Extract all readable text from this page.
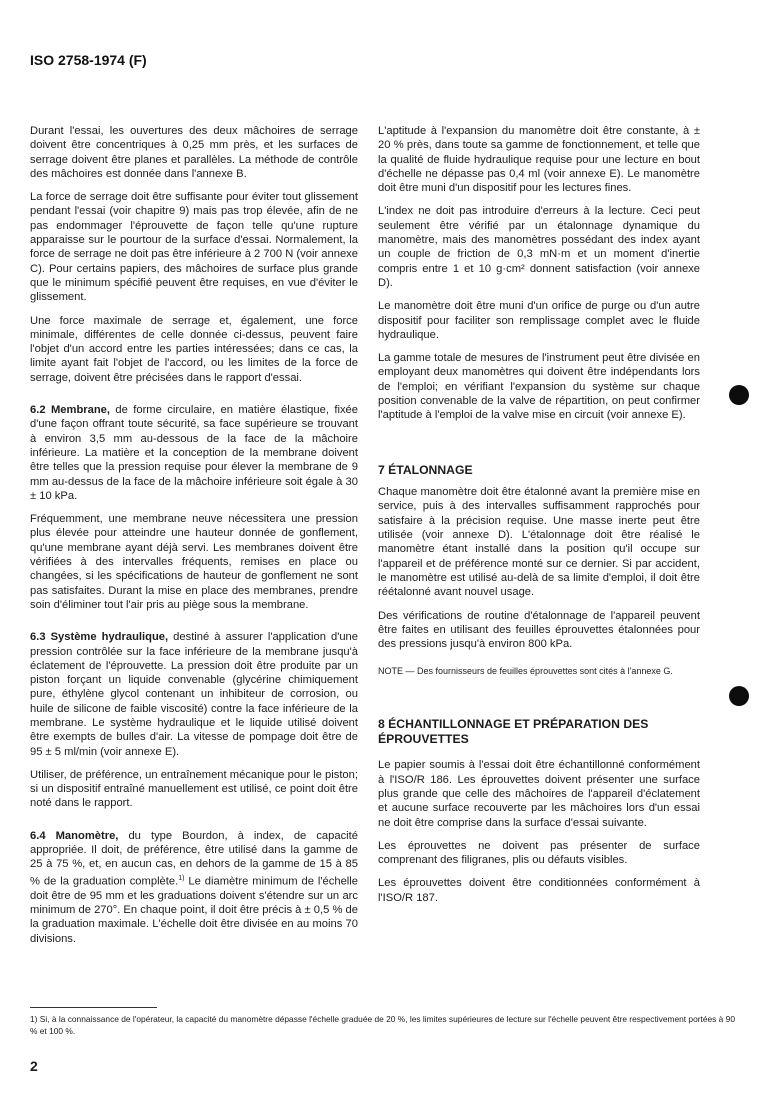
ISO 2758-1974 (F)

Durant l'essai, les ouvertures des deux mâchoires de serrage doivent être concentriques à 0,25 mm près, et les surfaces de serrage doivent être planes et parallèles. La méthode de contrôle des mâchoires est donnée dans l'annexe B.

La force de serrage doit être suffisante pour éviter tout glissement pendant l'essai (voir chapitre 9) mais pas trop élevée, afin de ne pas endommager l'éprouvette de façon telle qu'une rupture apparaisse sur le pourtour de la surface d'essai. Normalement, la force de serrage ne doit pas être inférieure à 2 700 N (voir annexe C). Pour certains papiers, des mâchoires de surface plus grande que le minimum spécifié peuvent être requises, en vue d'éviter le glissement.

Une force maximale de serrage et, également, une force minimale, différentes de celle donnée ci-dessus, peuvent faire l'objet d'un accord entre les parties intéressées; dans ce cas, la limite ayant fait l'objet de l'accord, ou les limites de la force de serrage, doivent être précisées dans le rapport d'essai.

6.2 Membrane, de forme circulaire, en matière élastique, fixée d'une façon offrant toute sécurité, sa face supérieure se trouvant à environ 3,5 mm au-dessous de la face de la mâchoire inférieure. La matière et la conception de la membrane doivent être telles que la pression requise pour élever la membrane de 9 mm au-dessus de la face de la mâchoire inférieure soit égale à 30 ± 10 kPa.

Fréquemment, une membrane neuve nécessitera une pression plus élevée pour atteindre une hauteur donnée de gonflement, qu'une membrane ayant déjà servi. Les membranes doivent être vérifiées à des intervalles fréquents, remises en place ou changées, si les spécifications de hauteur de gonflement ne sont pas satisfaites. Durant la mise en place des membranes, prendre soin d'éliminer tout l'air pris au piège sous la membrane.

6.3 Système hydraulique, destiné à assurer l'application d'une pression contrôlée sur la face inférieure de la membrane jusqu'à éclatement de l'éprouvette. La pression doit être produite par un piston forçant un liquide convenable (glycérine chimiquement pure, éthylène glycol contenant un inhibiteur de corrosion, ou huile de silicone de faible viscosité) contre la face inférieure de la membrane. Le système hydraulique et le liquide utilisé doivent être exempts de bulles d'air. La vitesse de pompage doit être de 95 ± 5 ml/min (voir annexe E).

Utiliser, de préférence, un entraînement mécanique pour le piston; si un dispositif entraîné manuellement est utilisé, ce point doit être noté dans le rapport.

6.4 Manomètre, du type Bourdon, à index, de capacité appropriée. Il doit, de préférence, être utilisé dans la gamme de 25 à 75 %, et, en aucun cas, en dehors de la gamme de 15 à 85 % de la graduation complète.$^{1)}$ Le diamètre minimum de l'échelle doit être de 95 mm et les graduations doivent s'étendre sur un arc minimum de 270°. En chaque point, il doit être précis à ± 0,5 % de la graduation maximale. L'échelle doit être divisée en au moins 70 divisions.

L'aptitude à l'expansion du manomètre doit être constante, à ± 20 % près, dans toute sa gamme de fonctionnement, et telle que la qualité de fluide hydraulique requise pour une lecture en bout d'échelle ne dépasse pas 0,4 ml (voir annexe E). Le manomètre doit être muni d'un dispositif pour les lectures fines.

L'index ne doit pas introduire d'erreurs à la lecture. Ceci peut seulement être vérifié par un étalonnage dynamique du manomètre, mais des manomètres possédant des index ayant un couple de friction de 0,3 mN·m et un moment d'inertie compris entre 1 et 10 g·cm² donnent satisfaction (voir annexe D).

Le manomètre doit être muni d'un orifice de purge ou d'un autre dispositif pour faciliter son remplissage complet avec le fluide hydraulique.

La gamme totale de mesures de l'instrument peut être divisée en employant deux manomètres qui doivent être indépendants lors de l'emploi; en vérifiant l'expansion du système sur chaque position convenable de la valve de répartition, on peut confirmer l'aptitude à l'emploi de la valve mise en circuit (voir annexe E).

7 ÉTALONNAGE

Chaque manomètre doit être étalonné avant la première mise en service, puis à des intervalles suffisamment rapprochés pour satisfaire à la précision requise. Une masse inerte peut être utilisée (voir annexe D). L'étalonnage doit être réalisé le manomètre étant installé dans la position qu'il occupe sur l'appareil et de préférence monté sur ce dernier. Si par accident, le manomètre est utilisé au-delà de sa limite d'emploi, il doit être réétalonné avant nouvel usage.

Des vérifications de routine d'étalonnage de l'appareil peuvent être faites en utilisant des feuilles éprouvettes étalonnées pour des pressions jusqu'à environ 800 kPa.

NOTE — Des fournisseurs de feuilles éprouvettes sont cités à l'annexe G.

8 ÉCHANTILLONNAGE ET PRÉPARATION DES ÉPROUVETTES

Le papier soumis à l'essai doit être échantillonné conformément à l'ISO/R 186. Les éprouvettes doivent présenter une surface plus grande que celle des mâchoires de l'appareil d'éclatement et aucune surface recouverte par les mâchoires lors d'un essai ne doit être comprise dans la surface d'essai suivante.

Les éprouvettes ne doivent pas présenter de surface comprenant des filigranes, plis ou défauts visibles.

Les éprouvettes doivent être conditionnées conformément à l'ISO/R 187.

1) Si, à la connaissance de l'opérateur, la capacité du manomètre dépasse l'échelle graduée de 20 %, les limites supérieures de lecture sur l'échelle peuvent être respectivement portées à 90 % et 100 %.
2
